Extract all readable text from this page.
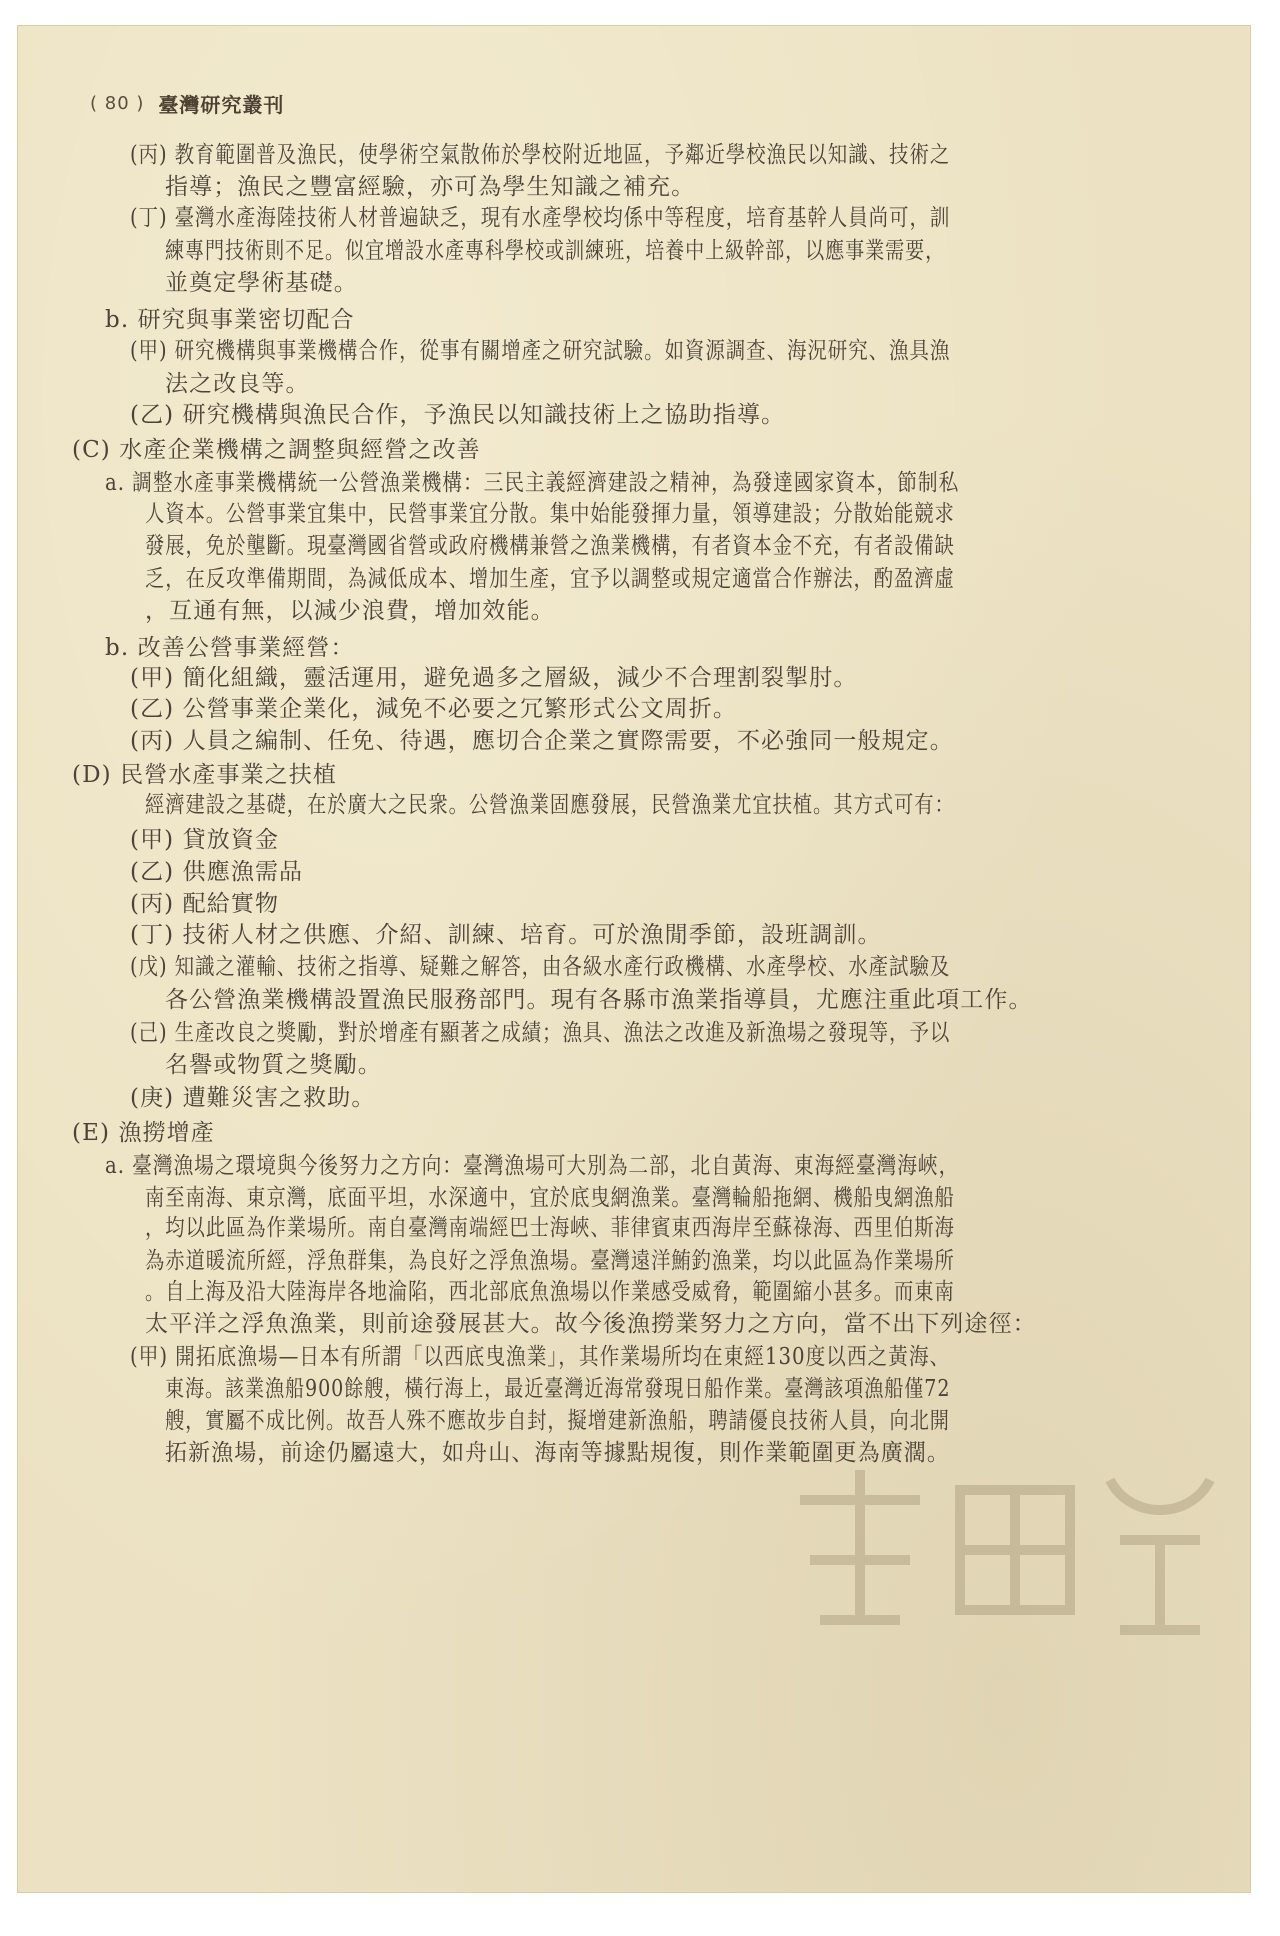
( 80 ) 臺灣研究叢刊
(丙) 教育範圍普及漁民，使學術空氣散佈於學校附近地區，予鄰近學校漁民以知識、技術之
指導；漁民之豐富經驗，亦可為學生知識之補充。
(丁) 臺灣水產海陸技術人材普遍缺乏，現有水產學校均係中等程度，培育基幹人員尚可，訓
練專門技術則不足。似宜增設水產專科學校或訓練班，培養中上級幹部，以應事業需要，
並奠定學術基礎。
b. 研究與事業密切配合
(甲) 研究機構與事業機構合作，從事有關增產之研究試驗。如資源調查、海況研究、漁具漁
法之改良等。
(乙) 研究機構與漁民合作，予漁民以知識技術上之協助指導。
(C) 水產企業機構之調整與經營之改善
a. 調整水產事業機構統一公營漁業機構：三民主義經濟建設之精神，為發達國家資本，節制私
人資本。公營事業宜集中，民營事業宜分散。集中始能發揮力量，領導建設；分散始能競求
發展，免於壟斷。現臺灣國省營或政府機構兼營之漁業機構，有者資本金不充，有者設備缺
乏，在反攻準備期間，為減低成本、增加生產，宜予以調整或規定適當合作辦法，酌盈濟虛
，互通有無，以減少浪費，增加效能。
b. 改善公營事業經營：
(甲) 簡化組織，靈活運用，避免過多之層級，減少不合理割裂掣肘。
(乙) 公營事業企業化，減免不必要之冗繁形式公文周折。
(丙) 人員之編制、任免、待遇，應切合企業之實際需要，不必強同一般規定。
(D) 民營水產事業之扶植
經濟建設之基礎，在於廣大之民衆。公營漁業固應發展，民營漁業尤宜扶植。其方式可有：
(甲) 貸放資金
(乙) 供應漁需品
(丙) 配給實物
(丁) 技術人材之供應、介紹、訓練、培育。可於漁閒季節，設班調訓。
(戊) 知識之灌輸、技術之指導、疑難之解答，由各級水產行政機構、水產學校、水產試驗及
各公營漁業機構設置漁民服務部門。現有各縣市漁業指導員，尤應注重此項工作。
(己) 生產改良之獎勵，對於增產有顯著之成績；漁具、漁法之改進及新漁場之發現等，予以
名譽或物質之獎勵。
(庚) 遭難災害之救助。
(E) 漁撈增產
a. 臺灣漁場之環境與今後努力之方向：臺灣漁場可大別為二部，北自黃海、東海經臺灣海峽，
南至南海、東京灣，底面平坦，水深適中，宜於底曳網漁業。臺灣輪船拖網、機船曳網漁船
，均以此區為作業場所。南自臺灣南端經巴士海峽、菲律賓東西海岸至蘇祿海、西里伯斯海
為赤道暖流所經，浮魚群集，為良好之浮魚漁場。臺灣遠洋鮪釣漁業，均以此區為作業場所
。自上海及沿大陸海岸各地淪陷，西北部底魚漁場以作業感受威脅，範圍縮小甚多。而東南
太平洋之浮魚漁業，則前途發展甚大。故今後漁撈業努力之方向，當不出下列途徑：
(甲) 開拓底漁場—日本有所謂「以西底曳漁業」，其作業場所均在東經130度以西之黃海、
東海。該業漁船900餘艘，橫行海上，最近臺灣近海常發現日船作業。臺灣該項漁船僅72
艘，實屬不成比例。故吾人殊不應故步自封，擬增建新漁船，聘請優良技術人員，向北開
拓新漁場，前途仍屬遠大，如舟山、海南等據點規復，則作業範圍更為廣濶。
